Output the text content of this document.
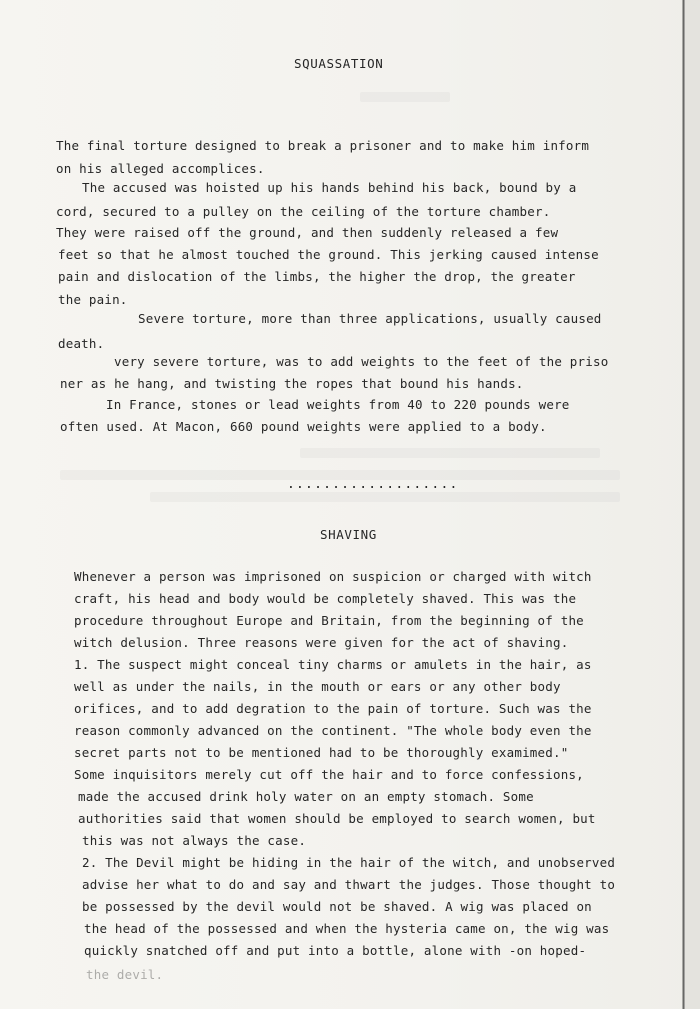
SQUASSATION
The final torture designed to break a prisoner and to make him inform
on his alleged accomplices.
The accused was hoisted up his hands behind his back, bound by a
cord, secured to a pulley on the ceiling of the torture chamber.
They were raised off the ground, and then suddenly released a few
feet so that he almost touched the ground. This jerking caused intense
pain and dislocation of the limbs, the higher the drop, the greater
the pain.
Severe torture, more than three applications, usually caused
death.
very severe torture, was to add weights to the feet of the priso
ner as he hang, and twisting the ropes that bound his hands.
In France, stones or lead weights from 40 to 220 pounds were
often used. At Macon, 660 pound weights were applied to a body.
...................
SHAVING
Whenever a person was imprisoned on suspicion or charged with witch
craft, his head and body would be completely shaved. This was the
procedure throughout Europe and Britain, from the beginning of the
witch delusion. Three reasons were given for the act of shaving.
1. The suspect might conceal tiny charms or amulets in the hair, as
well as under the nails, in the mouth or ears or any other body
orifices, and to add degration to the pain of torture. Such was the
reason commonly advanced on the continent. "The whole body even the
secret parts not to be mentioned had to be thoroughly examimed."
Some inquisitors merely cut off the hair and to force confessions,
made the accused drink holy water on an empty stomach. Some
authorities said that women should be employed to search women, but
this was not always the case.
2. The Devil might be hiding in the hair of the witch, and unobserved
advise her what to do and say and thwart the judges. Those thought to
be possessed by the devil would not be shaved. A wig was placed on
the head of the possessed and when the hysteria came on, the wig was
quickly snatched off and put into a bottle, alone with -on hoped-
the devil.
